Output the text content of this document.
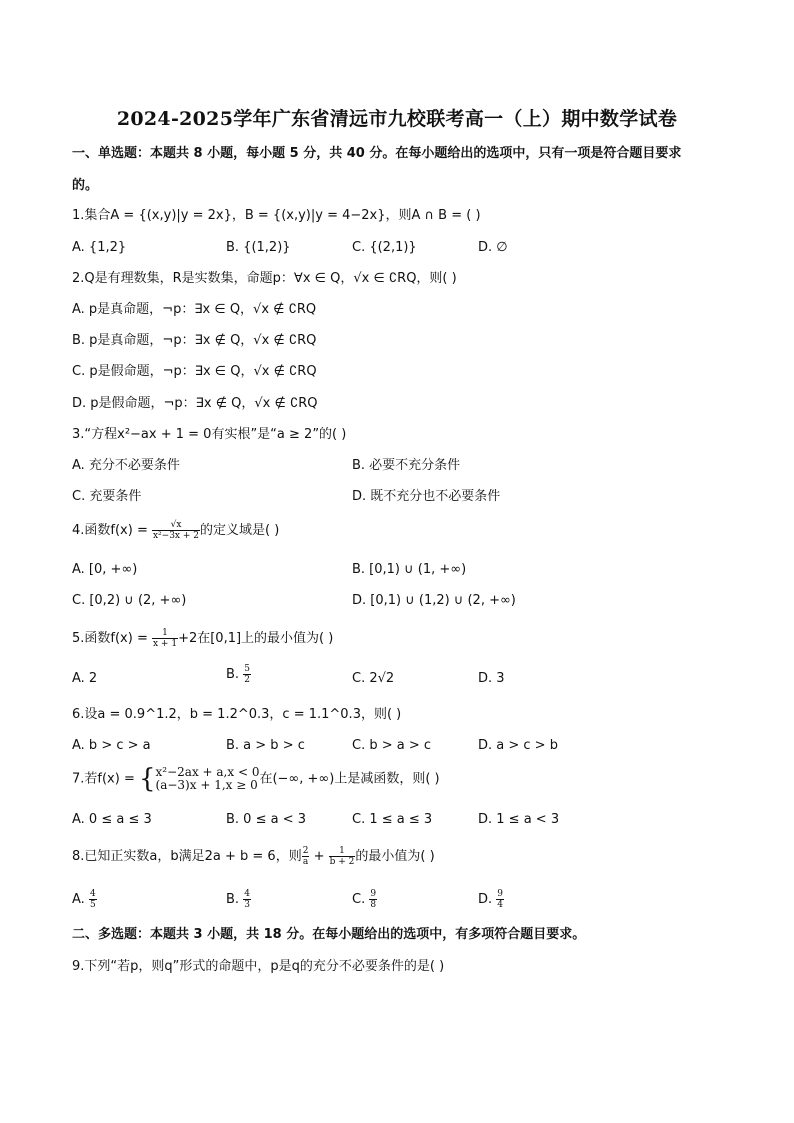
2024-2025学年广东省清远市九校联考高一（上）期中数学试卷
一、单选题：本题共 8 小题，每小题 5 分，共 40 分。在每小题给出的选项中，只有一项是符合题目要求
的。
1.集合A = {(x,y)|y = 2x}，B = {(x,y)|y = 4−2x}，则A ∩ B = ( )
A. {1,2}	B. {(1,2)}	C. {(2,1)}	D. ∅
2.Q是有理数集，R是实数集，命题p：∀x ∈ Q，√x ∈ ∁RQ，则( )
A. p是真命题，¬p：∃x ∈ Q，√x ∉ ∁RQ
B. p是真命题，¬p：∃x ∉ Q，√x ∉ ∁RQ
C. p是假命题，¬p：∃x ∈ Q，√x ∉ ∁RQ
D. p是假命题，¬p：∃x ∉ Q，√x ∉ ∁RQ
3.“方程x²−ax + 1 = 0有实根”是“a ≥ 2”的( )
A. 充分不必要条件	B. 必要不充分条件
C. 充要条件	D. 既不充分也不必要条件
4.函数$f(x) = \frac{√x}{\text{x²−3x + 2}}$ 的定义域是( )
A. [0, +∞)	B. [0,1) ∪ (1, +∞)
C. [0,2) ∪ (2, +∞)	D. [0,1) ∪ (1,2) ∪ (2, +∞)
5.函数$f(x) = \frac{1}{x + 1} +2$在[0,1]上的最小值为( )
A. 2	B. $\frac{5}{2}$	C. 2√2	D. 3
6.设a = 0.9^1.2，b = 1.2^0.3，c = 1.1^0.3，则( )
A. b > c > a	B. a > b > c	C. b > a > c	D. a > c > b
7.若f(x) = { x²−2ax + a,x < 0
(a−3)x + 1,x ≥ 0 在(−∞, +∞)上是减函数，则( )
A. 0 ≤ a ≤ 3	B. 0 ≤ a < 3	C. 1 ≤ a ≤ 3	D. 1 ≤ a < 3
8.已知正实数a，b满足2a + b = 6，则 $\frac{2}{a} + \frac{1}{b + 2}$ 的最小值为( )
A. $\frac{4}{5}$	B. $\frac{4}{3}$	C. $\frac{9}{8}$	D. $\frac{9}{4}$
二、多选题：本题共 3 小题，共 18 分。在每小题给出的选项中，有多项符合题目要求。
9.下列“若p，则q”形式的命题中，p是q的充分不必要条件的是( )
